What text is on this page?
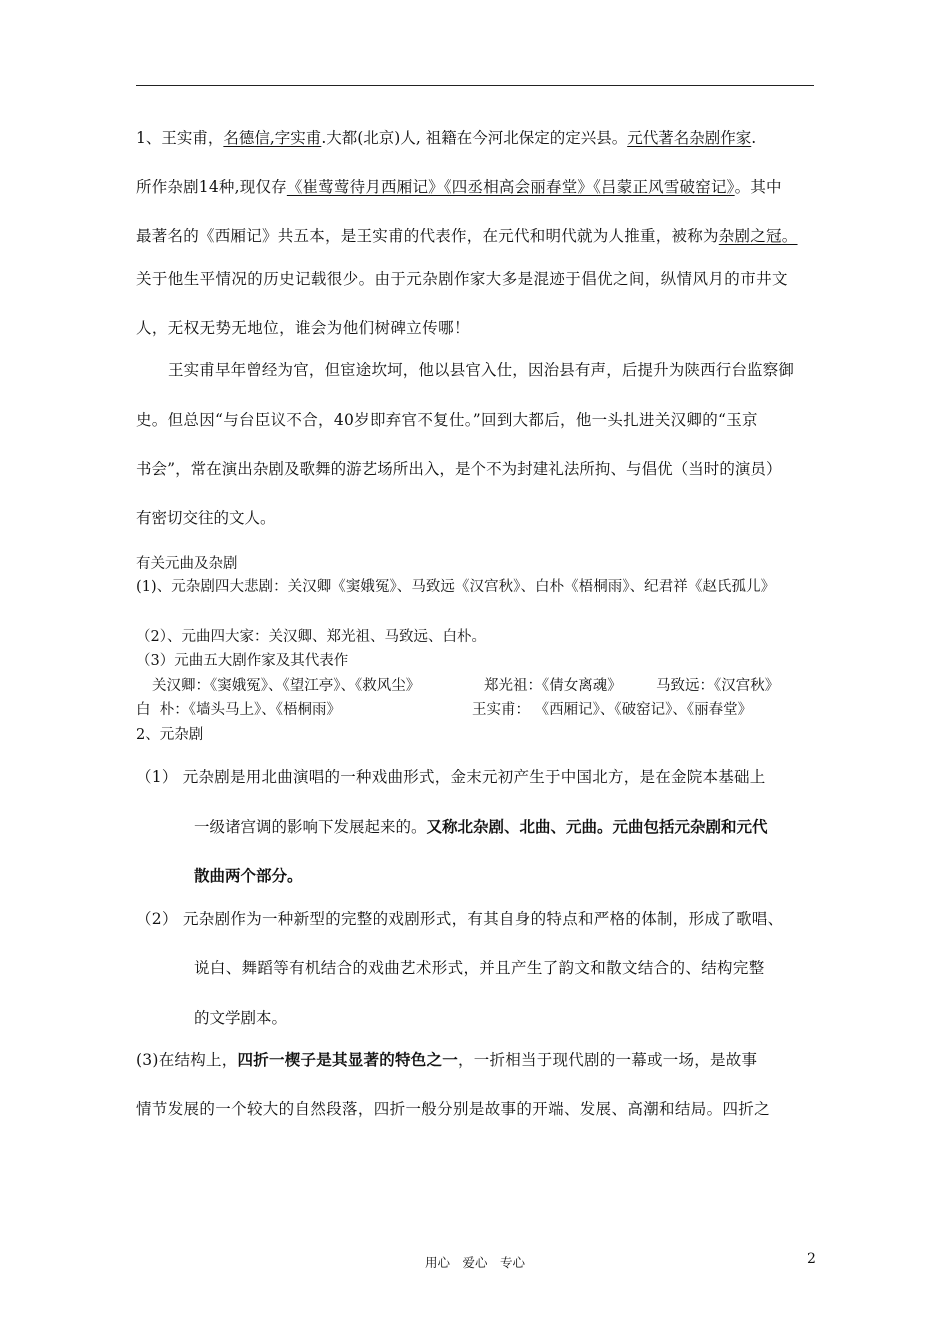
1、王实甫，名德信,字实甫.大都(北京)人, 祖籍在今河北保定的定兴县。元代著名杂剧作家.
所作杂剧14种,现仅存《崔莺莺待月西厢记》《四丞相高会丽春堂》《吕蒙正风雪破窑记》。其中
最著名的《西厢记》共五本，是王实甫的代表作，在元代和明代就为人推重，被称为杂剧之冠。
关于他生平情况的历史记载很少。由于元杂剧作家大多是混迹于倡优之间，纵情风月的市井文
人，无权无势无地位，谁会为他们树碑立传哪！
王实甫早年曾经为官，但宦途坎坷，他以县官入仕，因治县有声，后提升为陕西行台监察御
史。但总因“与台臣议不合，40岁即弃官不复仕。”回到大都后，他一头扎进关汉卿的“玉京
书会”，常在演出杂剧及歌舞的游艺场所出入，是个不为封建礼法所拘、与倡优（当时的演员）
有密切交往的文人。
有关元曲及杂剧
(1)、元杂剧四大悲剧：关汉卿《窦娥冤》、马致远《汉宫秋》、白朴《梧桐雨》、纪君祥《赵氏孤儿》
（2）、元曲四大家：关汉卿、郑光祖、马致远、白朴。
（3）元曲五大剧作家及其代表作
关汉卿：《窦娥冤》、《望江亭》、《救风尘》	郑光祖：《倩女离魂》 马致远：《汉宫秋》
白  朴：《墙头马上》、《梧桐雨》	王实甫： 《西厢记》、《破窑记》、《丽春堂》
2、元杂剧
（1） 元杂剧是用北曲演唱的一种戏曲形式，金末元初产生于中国北方，是在金院本基础上
一级诸宫调的影响下发展起来的。又称北杂剧、北曲、元曲。元曲包括元杂剧和元代
散曲两个部分。
（2） 元杂剧作为一种新型的完整的戏剧形式，有其自身的特点和严格的体制，形成了歌唱、
说白、舞蹈等有机结合的戏曲艺术形式，并且产生了韵文和散文结合的、结构完整
的文学剧本。
(3)在结构上，四折一楔子是其显著的特色之一，一折相当于现代剧的一幕或一场，是故事
情节发展的一个较大的自然段落，四折一般分别是故事的开端、发展、高潮和结局。四折之
用心　爱心　专心	2
